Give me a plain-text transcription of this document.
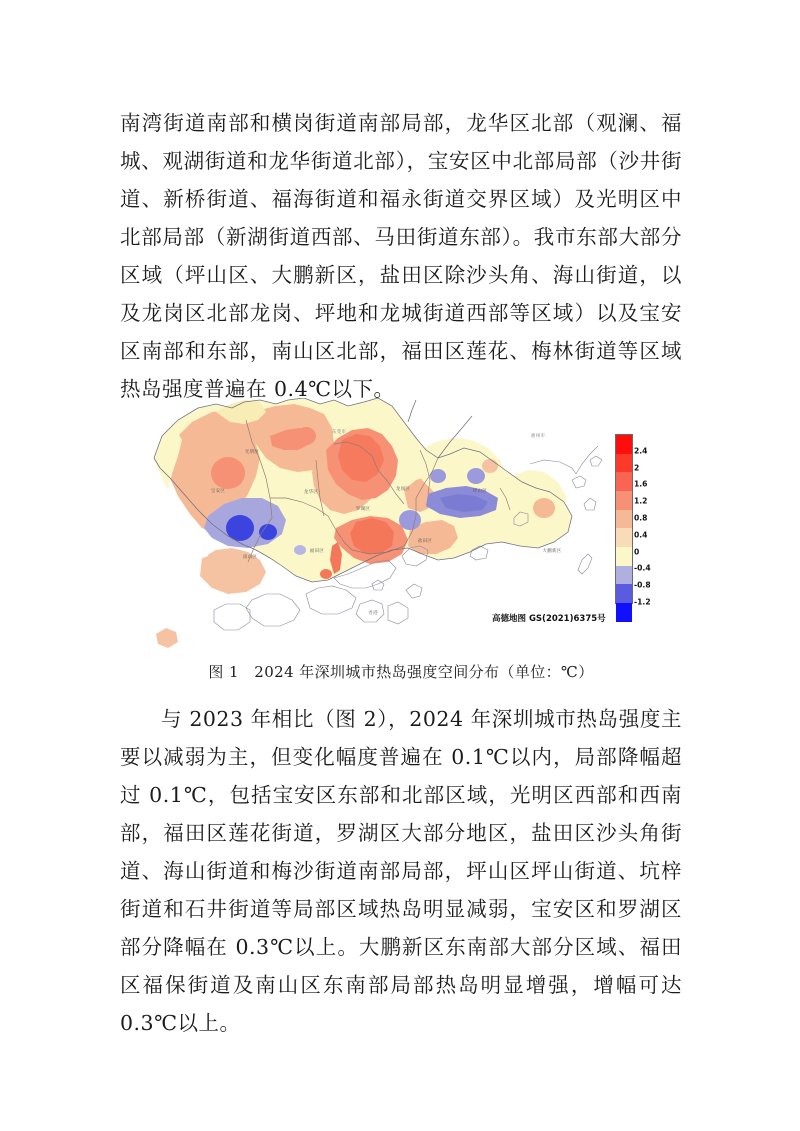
南湾街道南部和横岗街道南部局部，龙华区北部（观澜、福城、观湖街道和龙华街道北部），宝安区中北部局部（沙井街道、新桥街道、福海街道和福永街道交界区域）及光明区中北部局部（新湖街道西部、马田街道东部）。我市东部大部分区域（坪山区、大鹏新区，盐田区除沙头角、海山街道，以及龙岗区北部龙岗、坪地和龙城街道西部等区域）以及宝安区南部和东部，南山区北部，福田区莲花、梅林街道等区域热岛强度普遍在 0.4℃以下。
东莞市
惠州市
香港
光明区
宝安区	龙华区
龙岗区
罗湖区
南山区
福田区
盐田区
坪山区
大鹏新区
高德地图 GS(2021)6375号
2.4
2
1.6
1.2
0.8
0.4
0
-0.4
-0.8
-1.2
图 1　2024 年深圳城市热岛强度空间分布（单位：℃）
与 2023 年相比（图 2），2024 年深圳城市热岛强度主要以减弱为主，但变化幅度普遍在 0.1℃以内，局部降幅超过 0.1℃，包括宝安区东部和北部区域，光明区西部和西南部，福田区莲花街道，罗湖区大部分地区，盐田区沙头角街道、海山街道和梅沙街道南部局部，坪山区坪山街道、坑梓街道和石井街道等局部区域热岛明显减弱，宝安区和罗湖区部分降幅在 0.3℃以上。大鹏新区东南部大部分区域、福田区福保街道及南山区东南部局部热岛明显增强，增幅可达 0.3℃以上。
